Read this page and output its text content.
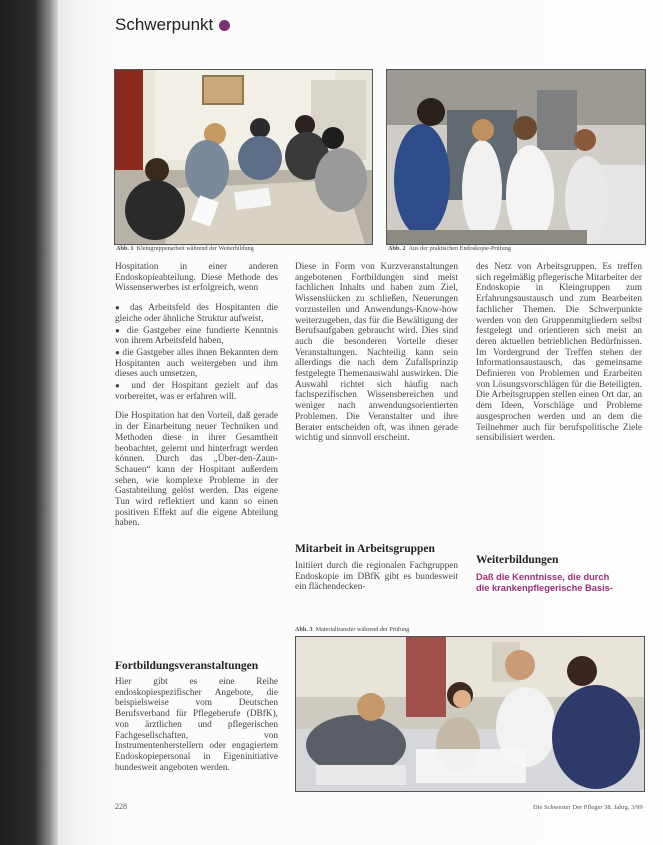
Schwerpunkt
Abb. 1 Kleingruppenarbeit während der Weiterbildung	Abb. 2 Aus der praktischen Endoskopie-Prüfung

Hospitation in einer anderen Endoskopieabteilung. Diese Methode des Wissenserwerbes ist erfolgreich, wenn

● das Arbeitsfeld des Hospitanten die gleiche oder ähnliche Struktur aufweist,

● die Gastgeber eine fundierte Kenntnis von ihrem Arbeitsfeld haben,

● die Gastgeber alles ihnen Bekannten dem Hospitanten auch weitergeben und ihm dieses auch umsetzen,

● und der Hospitant gezielt auf das vorbereitet, was er erfahren will.

Die Hospitation hat den Vorteil, daß gerade in der Einarbeitung neuer Techniken und Methoden diese in ihrer Gesamtheit beobachtet, gelernt und hinterfragt werden können. Durch das „Über-den-Zaun-Schauen“ kann der Hospitant außerdem sehen, wie komplexe Probleme in der Gastabteilung gelöst werden. Das eigene Tun wird reflektiert und kann so einen positiven Effekt auf die eigene Abteilung haben.

Fortbildungsveranstaltungen

Hier gibt es eine Reihe endoskopiespezifischer Angebote, die beispielsweise vom Deutschen Berufsverband für Pflegeberufe (DBfK), von ärztlichen und pflegerischen Fachgesellschaften, von Instrumentenherstellern oder engagiertem Endoskopiepersonal in Eigeninitiative bundesweit angeboten werden.

Diese in Form von Kurzveranstaltungen angebotenen Fortbildungen sind meist fachlichen Inhalts und haben zum Ziel, Wissenslücken zu schließen, Neuerungen vorzustellen und Anwendungs-Know-how weiterzugeben, das für die Bewältigung der Berufsaufgaben gebraucht wird. Dies sind auch die besonderen Vorteile dieser Veranstaltungen. Nachteilig kann sein allerdings die nach dem Zufallsprinzip festgelegte Themenauswahl auswirken. Die Auswahl richtet sich häufig nach fachspezifischen Wissensbereichen und weniger nach anwendungsorientierten Problemen. Die Veranstalter und ihre Berater entscheiden oft, was ihnen gerade wichtig und sinnvoll erscheint.

Mitarbeit in Arbeitsgruppen

Initiiert durch die regionalen Fachgruppen Endoskopie im DBfK gibt es bundesweit ein flächendecken-

des Netz von Arbeitsgruppen. Es treffen sich regelmäßig pflegerische Mitarbeiter der Endoskopie in Kleingruppen zum Erfahrungsaustausch und zum Bearbeiten fachlicher Themen. Die Schwerpunkte werden von den Gruppenmitgliedern selbst festgelegt und orientieren sich meist an deren aktuellen betrieblichen Bedürfnissen. Im Vordergrund der Treffen stehen der Informationsaustausch, das gemeinsame Definieren von Problemen und Erarbeiten von Lösungsvorschlägen für die Beteiligten. Die Arbeitsgruppen stellen einen Ort dar, an dem Ideen, Vorschläge und Probleme ausgesprochen werden und an dem die Teilnehmer auch für berufspolitische Ziele sensibilisiert werden.

Weiterbildungen
Daß die Kenntnisse, die durch
die krankenpflegerische Basis-
Abb. 3 Materialtransfer während der Prüfung
228	Die Schwester Der Pfleger 38. Jahrg. 3/99
